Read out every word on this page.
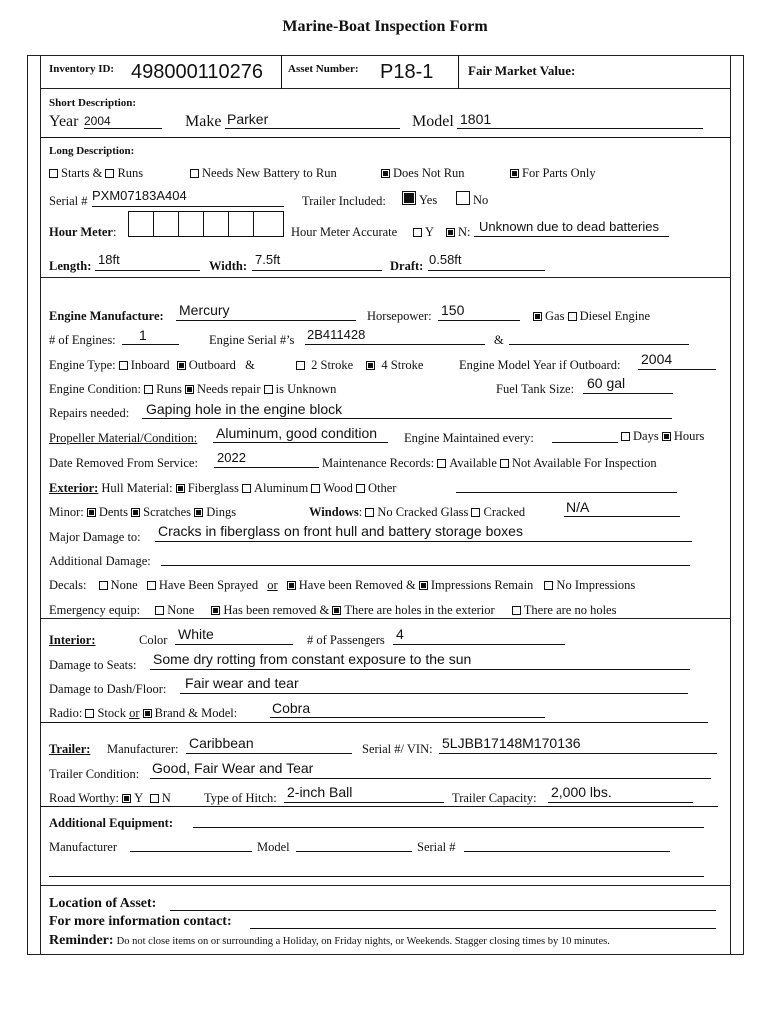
Marine-Boat Inspection Form
Inventory ID: 498000110276 Asset Number: P18-1	Fair Market Value:
Short Description:
Year 2004	Make Parker	Model 1801
Long Description:
Starts & Runs	Needs New Battery to Run	Does Not Run	For Parts Only
Serial # PXM07183A404	Trailer Included:	Yes	No
Hour Meter:	Hour Meter Accurate	Y	N: Unknown due to dead batteries
Length: 18ft	Width: 7.5ft	Draft: 0.58ft
Engine Manufacture: Mercury	Horsepower: 150	Gas Diesel Engine
# of Engines: 1	Engine Serial #’s 2B411428	&
Engine Type: Inboard Outboard &	2 Stroke 4 Stroke	Engine Model Year if Outboard: 2004
Engine Condition: Runs Needs repair is Unknown	Fuel Tank Size: 60 gal
Repairs needed: Gaping hole in the engine block
Propeller Material/Condition: Aluminum, good condition Engine Maintained every:	Days Hours
Date Removed From Service: 2022	Maintenance Records: Available Not Available For Inspection
Exterior: Hull Material: Fiberglass Aluminum Wood Other
Minor: Dents Scratches Dings	Windows: No Cracked Glass Cracked	N/A
Major Damage to: Cracks in fiberglass on front hull and battery storage boxes
Additional Damage:
Decals: None Have Been Sprayed or Have been Removed & Impressions Remain No Impressions
Emergency equip: None Has been removed & There are holes in the exterior There are no holes
Interior:	Color White	# of Passengers 4
Damage to Seats: Some dry rotting from constant exposure to the sun
Damage to Dash/Floor: Fair wear and tear
Radio: Stock or Brand & Model: Cobra
Trailer: Manufacturer: Caribbean	Serial #/ VIN: 5LJBB17148M170136
Trailer Condition: Good, Fair Wear and Tear
Road Worthy: Y N	Type of Hitch: 2-inch Ball	Trailer Capacity: 2,000 lbs.
Additional Equipment:
Manufacturer	Model	Serial #
Location of Asset:
For more information contact:
Reminder: Do not close items on or surrounding a Holiday, on Friday nights, or Weekends. Stagger closing times by 10 minutes.
